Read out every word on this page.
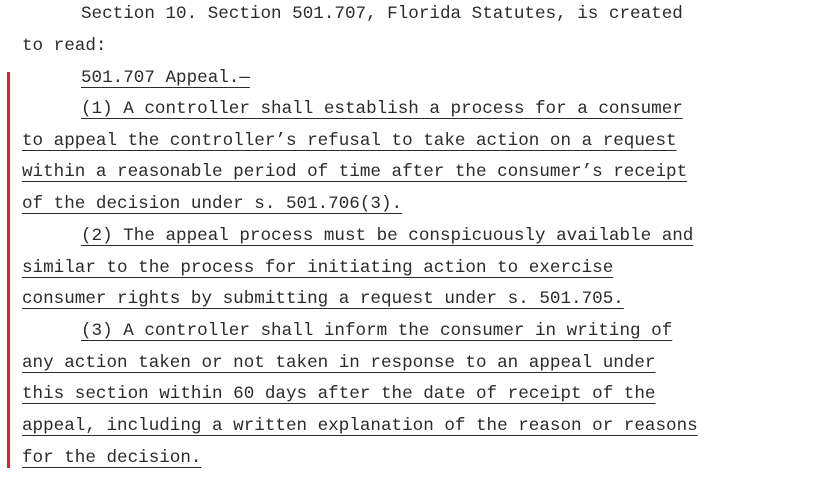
Section 10. Section 501.707, Florida Statutes, is created
to read:
501.707 Appeal.—
(1) A controller shall establish a process for a consumer
to appeal the controller’s refusal to take action on a request
within a reasonable period of time after the consumer’s receipt
of the decision under s. 501.706(3).
(2) The appeal process must be conspicuously available and
similar to the process for initiating action to exercise
consumer rights by submitting a request under s. 501.705.
(3) A controller shall inform the consumer in writing of
any action taken or not taken in response to an appeal under
this section within 60 days after the date of receipt of the
appeal, including a written explanation of the reason or reasons
for the decision.
